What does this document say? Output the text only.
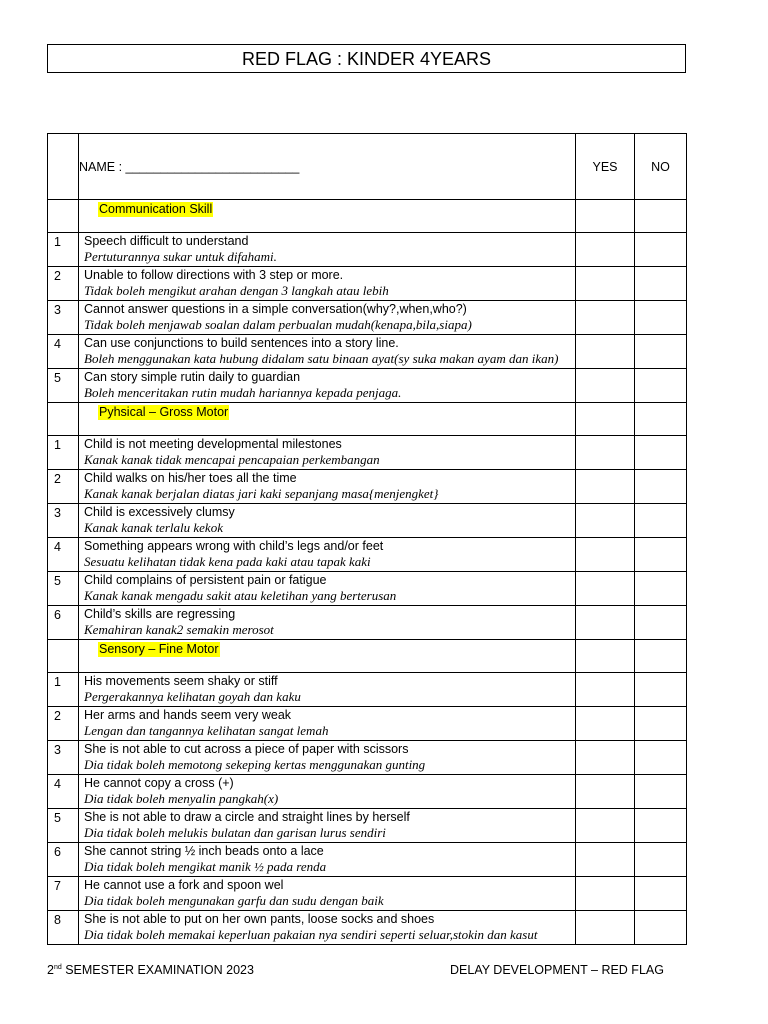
RED FLAG : KINDER 4YEARS
	NAME : _________________________	YES	NO
	Communication Skill		
1	Speech difficult to understand
Pertuturannya sukar untuk difahami.		

2	Unable to follow directions with 3 step or more.
Tidak boleh mengikut arahan dengan 3 langkah atau lebih		

3	Cannot answer questions in a simple conversation(why?,when,who?)
Tidak boleh menjawab soalan dalam perbualan mudah(kenapa,bila,siapa)		

4	Can use conjunctions to build sentences into a story line.
Boleh menggunakan kata hubung didalam satu binaan ayat(sy suka makan ayam dan ikan)		

5	Can story simple rutin daily to guardian
Boleh menceritakan rutin mudah hariannya kepada penjaga.		

	Pyhsical – Gross Motor		
1	Child is not meeting developmental milestones
Kanak kanak tidak mencapai pencapaian perkembangan		

2	Child walks on his/her toes all the time
Kanak kanak berjalan diatas jari kaki sepanjang masa{menjengket}		

3	Child is excessively clumsy
Kanak kanak terlalu kekok		

4	Something appears wrong with child’s legs and/or feet
Sesuatu kelihatan tidak kena pada kaki atau tapak kaki		

5	Child complains of persistent pain or fatigue
Kanak kanak mengadu sakit atau keletihan yang berterusan		

6	Child’s skills are regressing
Kemahiran kanak2 semakin merosot		

	Sensory – Fine Motor		
1	His movements seem shaky or stiff
Pergerakannya kelihatan goyah dan kaku		

2	Her arms and hands seem very weak
Lengan dan tangannya kelihatan sangat lemah		

3	She is not able to cut across a piece of paper with scissors
Dia tidak boleh memotong sekeping kertas menggunakan gunting		

4	He cannot copy a cross (+)
Dia tidak boleh menyalin pangkah(x)		

5	She is not able to draw a circle and straight lines by herself
Dia tidak boleh melukis bulatan dan garisan lurus sendiri		

6	She cannot string ½ inch beads onto a lace
Dia tidak boleh mengikat manik ½ pada renda		

7	He cannot use a fork and spoon wel
Dia tidak boleh mengunakan garfu dan sudu dengan baik		

8	She is not able to put on her own pants, loose socks and shoes
Dia tidak boleh memakai keperluan pakaian nya sendiri seperti seluar,stokin dan kasut		

2nd SEMESTER EXAMINATION 2023	DELAY DEVELOPMENT – RED FLAG
